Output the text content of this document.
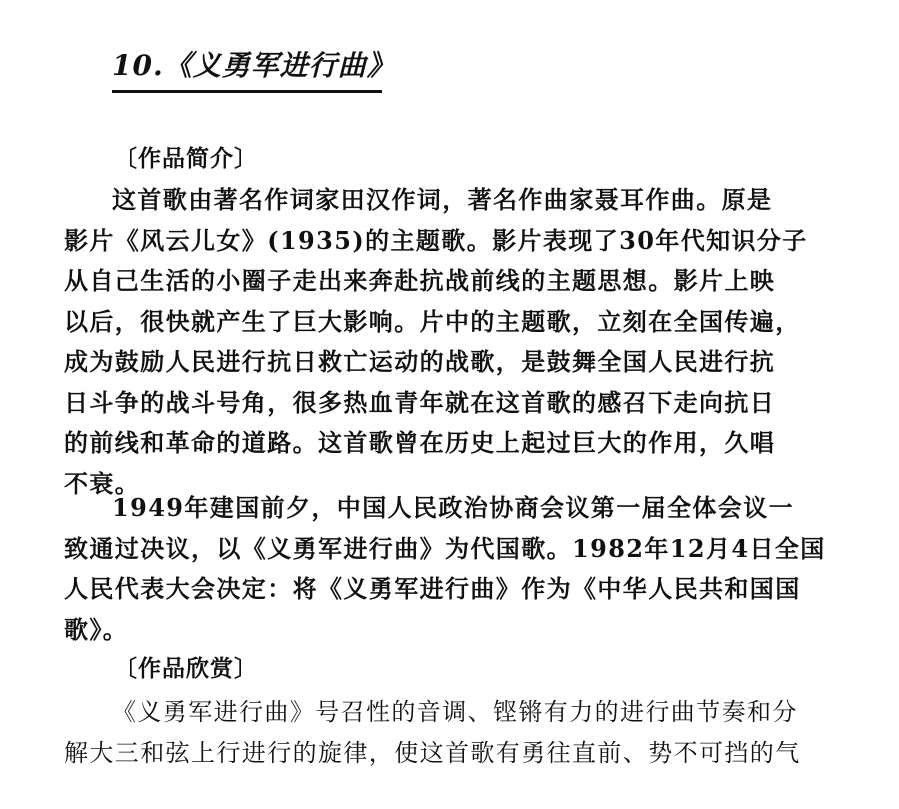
10.《义勇军进行曲》
〔作品简介〕

这首歌由著名作词家田汉作词，著名作曲家聂耳作曲。原是
影片《风云儿女》(1935)的主题歌。影片表现了30年代知识分子
从自己生活的小圈子走出来奔赴抗战前线的主题思想。影片上映
以后，很快就产生了巨大影响。片中的主题歌，立刻在全国传遍，
成为鼓励人民进行抗日救亡运动的战歌，是鼓舞全国人民进行抗
日斗争的战斗号角，很多热血青年就在这首歌的感召下走向抗日
的前线和革命的道路。这首歌曾在历史上起过巨大的作用，久唱
不衰。

1949年建国前夕，中国人民政治协商会议第一届全体会议一
致通过决议，以《义勇军进行曲》为代国歌。1982年12月4日全国
人民代表大会决定：将《义勇军进行曲》作为《中华人民共和国国
歌》。

〔作品欣赏〕

《义勇军进行曲》号召性的音调、铿锵有力的进行曲节奏和分
解大三和弦上行进行的旋律，使这首歌有勇往直前、势不可挡的气
